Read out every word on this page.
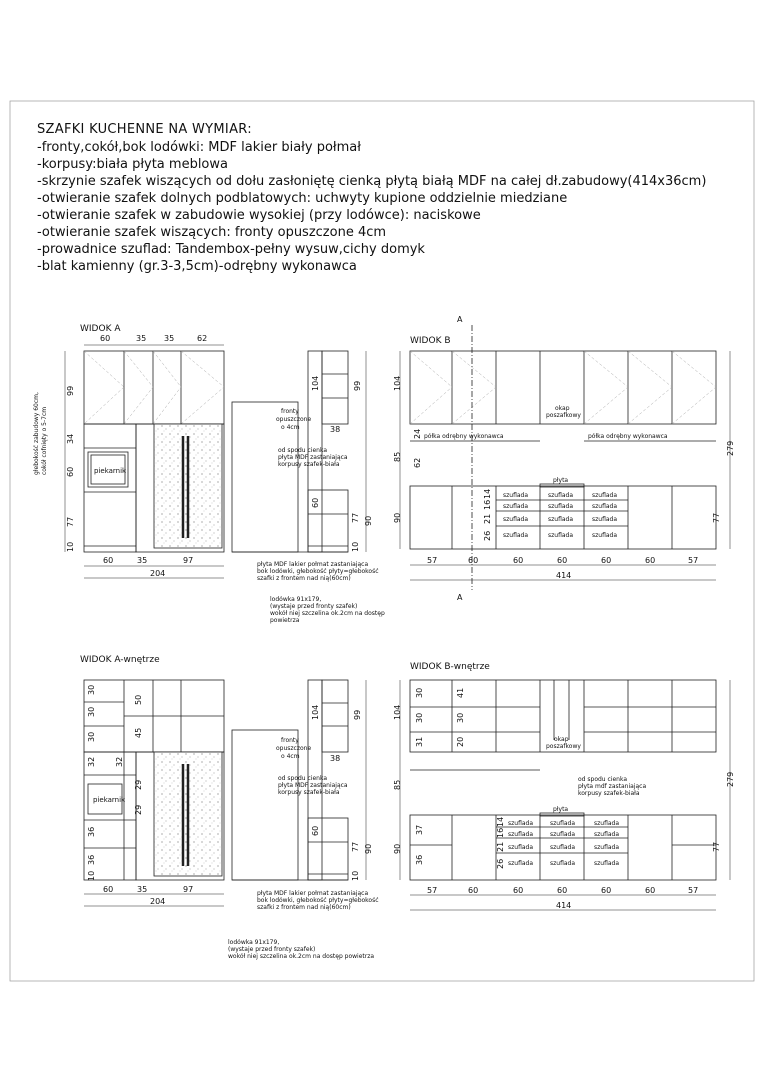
SZAFKI KUCHENNE NA WYMIAR:
-fronty,cokół,bok lodówki: MDF lakier biały połmał
-korpusy:biała płyta meblowa
-skrzynie szafek wiszących od dołu zasłoniętę cienką płytą białą MDF na całej dł.zabudowy(414x36cm)
-otwieranie szafek dolnych podblatowych: uchwyty kupione oddzielnie miedziane
-otwieranie szafek w zabudowie wysokiej (przy lodówce): naciskowe
-otwieranie szafek wiszących: fronty opuszczone 4cm
-prowadnice szuflad: Tandembox-pełny wysuw,cichy domyk
-blat kamienny (gr.3-3,5cm)-odrębny wykonawca
WIDOK A
60	35 35	62
99
34
60
77
10
60	35	97
204
104	99
38
60
77 90
10
głebokość zabudowy 60cm, cokół cofnięty o 5-7cm	piekarnik
fronty
opuszczone
o 4cm
od spodu cienka
płyta MDF zastaniająca
korpusy szafek-biała
płyta MDF lakier połmat zastaniająca
bok lodówki, głebokość płyty=głebokość
szafki z frontem nad nią(60cm)
lodówka 91x179,
(wystaje przed fronty szafek)
wokół niej szczelina ok.2cm na dostęp
powietrza
WIDOK B
104
24
85
62
90
279
77
14
16
21
26
57	60	60	60	60	60	57
414
A
A
okap
poszafkowy
półka odrębny wykonawca	półka odrębny wykonawca
płyta
szuflada	szuflada	szuflada
szuflada	szuflada	szuflada
szuflada	szuflada	szuflada
szuflada	szuflada	szuflada
WIDOK A-wnętrze
30
30
30
32 32
36
36
10
50
45
29
29
60	35	97
204
104	99
38
60
77 90
10
piekarnik
fronty
opuszczone
o 4cm
od spodu cienka
płyta MDF zastaniająca
korpusy szafek-biała
płyta MDF lakier połmat zastaniająca
bok lodówki, głebokość płyty=głebokość
szafki z frontem nad nią(60cm)
lodówka 91x179,
(wystaje przed fronty szafek)
wokół niej szczelina ok.2cm na dostęp powietrza
WIDOK B-wnętrze
104
85
90
30
30
31
41
30
20
37
36
279
77
14
16
21
26
57	60	60	60	60	60	57
414
okap
poszafkowy
od spodu cienka
płyta mdf zastaniająca
korpusy szafek-biała
płyta
szuflada	szuflada	szuflada
szuflada	szuflada	szuflada
szuflada	szuflada	szuflada
szuflada	szuflada	szuflada
